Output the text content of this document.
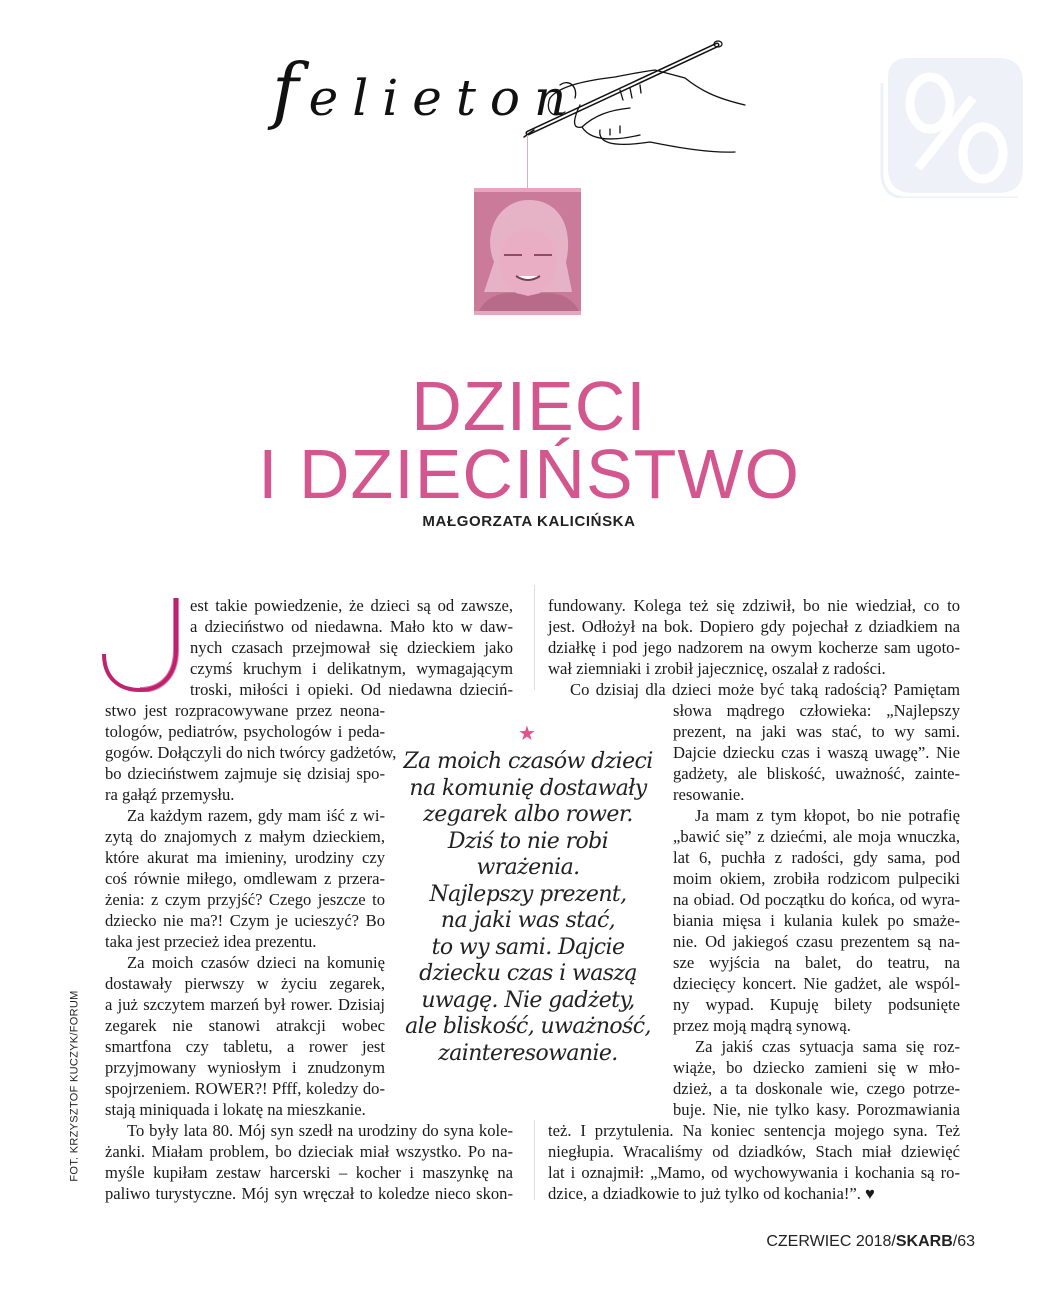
felieton
DZIECI
I DZIECIŃSTWO
MAŁGORZATA KALICIŃSKA
est takie powiedzenie, że dzieci są od zawsze,
a dzieciństwo od niedawna. Mało kto w daw-
nych czasach przejmował się dzieckiem jako
czymś kruchym i delikatnym, wymagającym
troski, miłości i opieki. Od niedawna dzieciń-
stwo jest rozpracowywane przez neona-
tologów, pediatrów, psychologów i peda-
gogów. Dołączyli do nich twórcy gadżetów,
bo dzieciństwem zajmuje się dzisiaj spo-
ra gałąź przemysłu.
Za każdym razem, gdy mam iść z wi-
zytą do znajomych z małym dzieckiem,
które akurat ma imieniny, urodziny czy
coś równie miłego, omdlewam z przera-
żenia: z czym przyjść? Czego jeszcze to
dziecko nie ma?! Czym je ucieszyć? Bo
taka jest przecież idea prezentu.
Za moich czasów dzieci na komunię
dostawały pierwszy w życiu zegarek,
a już szczytem marzeń był rower. Dzisiaj
zegarek nie stanowi atrakcji wobec
smartfona czy tabletu, a rower jest
przyjmowany wyniosłym i znudzonym
spojrzeniem. ROWER?! Pfff, koledzy do-
stają miniquada i lokatę na mieszkanie.
To były lata 80. Mój syn szedł na urodziny do syna kole-
żanki. Miałam problem, bo dzieciak miał wszystko. Po na-
myśle kupiłam zestaw harcerski – kocher i maszynkę na
paliwo turystyczne. Mój syn wręczał to koledze nieco skon-
fundowany. Kolega też się zdziwił, bo nie wiedział, co to
jest. Odłożył na bok. Dopiero gdy pojechał z dziadkiem na
działkę i pod jego nadzorem na owym kocherze sam ugoto-
wał ziemniaki i zrobił jajecznicę, oszalał z radości.
Co dzisiaj dla dzieci może być taką radością? Pamiętam
słowa mądrego człowieka: „Najlepszy
prezent, na jaki was stać, to wy sami.
Dajcie dziecku czas i waszą uwagę”. Nie
gadżety, ale bliskość, uważność, zainte-
resowanie.
Ja mam z tym kłopot, bo nie potrafię
„bawić się” z dziećmi, ale moja wnuczka,
lat 6, puchła z radości, gdy sama, pod
moim okiem, zrobiła rodzicom pulpeciki
na obiad. Od początku do końca, od wyra-
biania mięsa i kulania kulek po smaże-
nie. Od jakiegoś czasu prezentem są na-
sze wyjścia na balet, do teatru, na
dziecięcy koncert. Nie gadżet, ale wspól-
ny wypad. Kupuję bilety podsunięte
przez moją mądrą synową.
Za jakiś czas sytuacja sama się roz-
wiąże, bo dziecko zamieni się w mło-
dzież, a ta doskonale wie, czego potrze-
buje. Nie, nie tylko kasy. Porozmawiania
też. I przytulenia. Na koniec sentencja mojego syna. Też
niegłupia. Wracaliśmy od dziadków, Stach miał dziewięć
lat i oznajmił: „Mamo, od wychowywania i kochania są ro-
dzice, a dziadkowie to już tylko od kochania!”. ♥
★
Za moich czasów dzieci
na komunię dostawały
zegarek albo rower.
Dziś to nie robi
wrażenia.
Najlepszy prezent,
na jaki was stać,
to wy sami. Dajcie
dziecku czas i waszą
uwagę. Nie gadżety,
ale bliskość, uważność,
zainteresowanie.
FOT. KRZYSZTOF KUCZYK/FORUM
CZERWIEC 2018/SKARB/63
